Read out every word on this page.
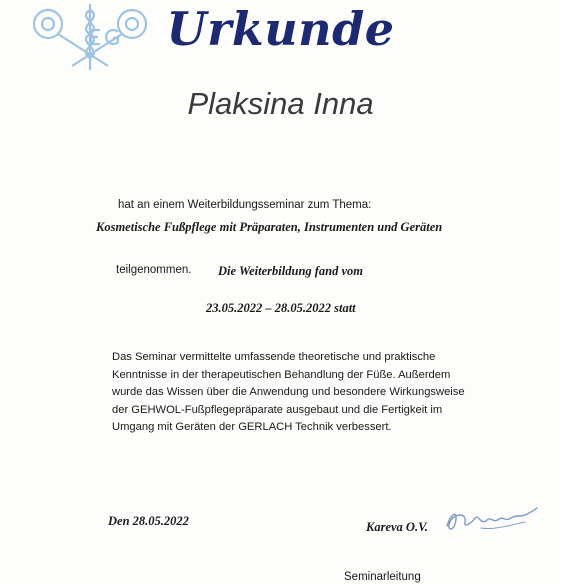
Urkunde
Plaksina Inna
hat an einem Weiterbildungsseminar zum Thema:
Kosmetische Fußpflege mit Präparaten, Instrumenten und Geräten
teilgenommen. Die Weiterbildung fand vom
23.05.2022 – 28.05.2022 statt
Das Seminar vermittelte umfassende theoretische und praktische
Kenntnisse in der therapeutischen Behandlung der Füße. Außerdem
wurde das Wissen über die Anwendung und besondere Wirkungsweise
der GEHWOL-Fußpflegepräparate ausgebaut und die Fertigkeit im
Umgang mit Geräten der GERLACH Technik verbessert.
Den 28.05.2022	Kareva O.V.
Seminarleitung
